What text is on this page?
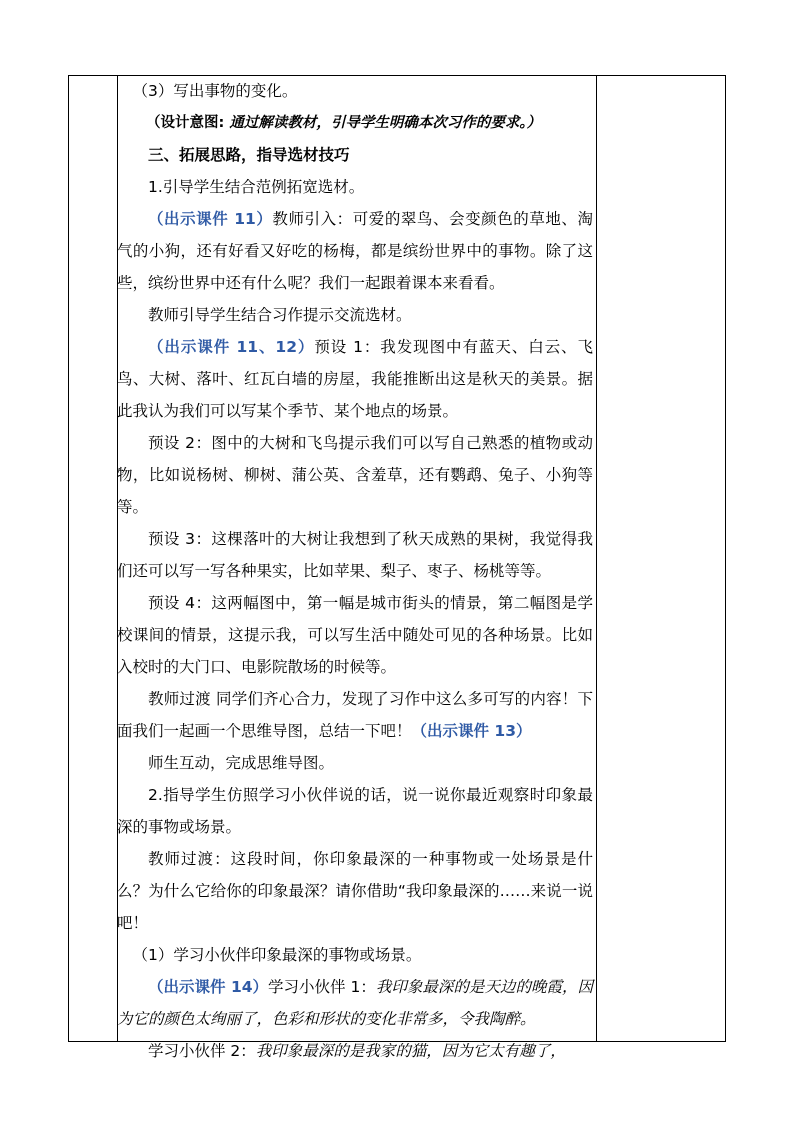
（3）写出事物的变化。
（设计意图: 通过解读教材，引导学生明确本次习作的要求。）
三、拓展思路，指导选材技巧
1.引导学生结合范例拓宽选材。
（出示课件 11）教师引入：可爱的翠鸟、会变颜色的草地、淘气的小狗，还有好看又好吃的杨梅，都是缤纷世界中的事物。除了这些，缤纷世界中还有什么呢？我们一起跟着课本来看看。
教师引导学生结合习作提示交流选材。
（出示课件 11、12）预设 1：我发现图中有蓝天、白云、飞鸟、大树、落叶、红瓦白墙的房屋，我能推断出这是秋天的美景。据此我认为我们可以写某个季节、某个地点的场景。
预设 2：图中的大树和飞鸟提示我们可以写自己熟悉的植物或动物，比如说杨树、柳树、蒲公英、含羞草，还有鹦鹉、兔子、小狗等等。
预设 3：这棵落叶的大树让我想到了秋天成熟的果树，我觉得我们还可以写一写各种果实，比如苹果、梨子、枣子、杨桃等等。
预设 4：这两幅图中，第一幅是城市街头的情景，第二幅图是学校课间的情景，这提示我，可以写生活中随处可见的各种场景。比如入校时的大门口、电影院散场的时候等。
教师过渡 同学们齐心合力，发现了习作中这么多可写的内容！下面我们一起画一个思维导图，总结一下吧！（出示课件 13）
师生互动，完成思维导图。
2.指导学生仿照学习小伙伴说的话，说一说你最近观察时印象最深的事物或场景。
教师过渡：这段时间，你印象最深的一种事物或一处场景是什么？为什么它给你的印象最深？请你借助“我印象最深的……来说一说吧！
（1）学习小伙伴印象最深的事物或场景。
（出示课件 14）学习小伙伴 1：我印象最深的是天边的晚霞，因为它的颜色太绚丽了，色彩和形状的变化非常多，令我陶醉。
学习小伙伴 2：我印象最深的是我家的猫，因为它太有趣了，
